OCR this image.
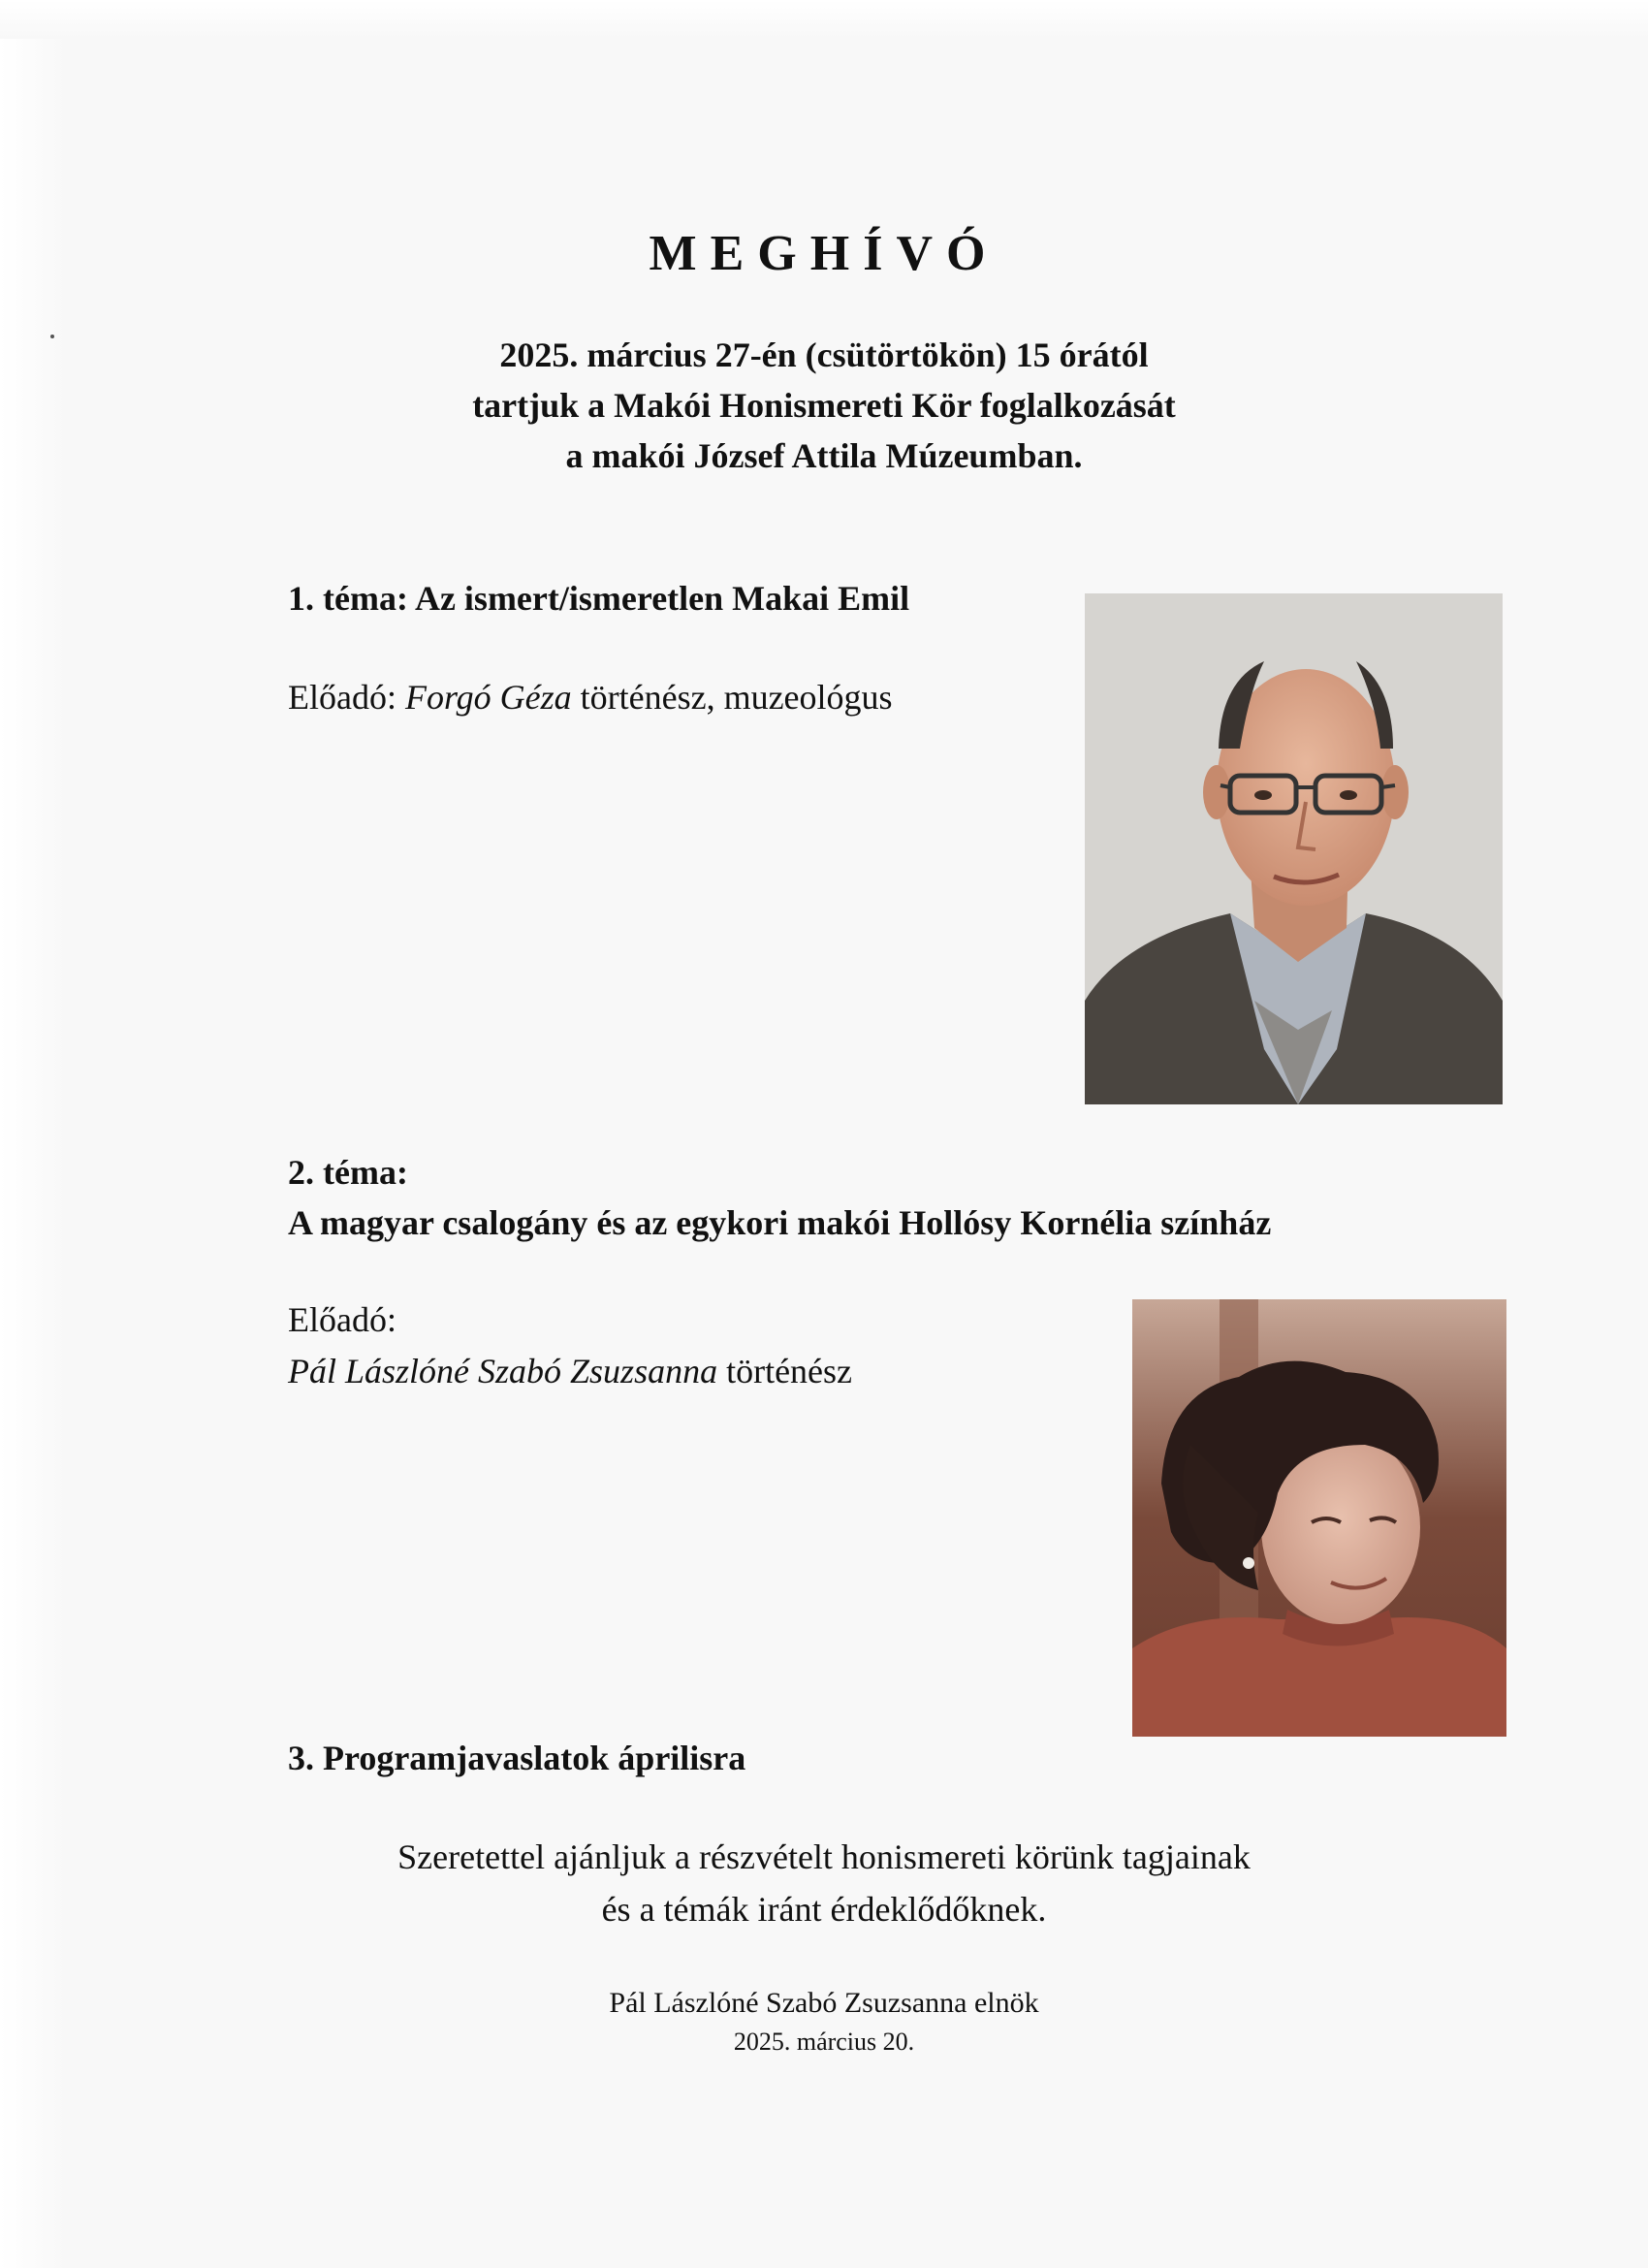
MEGHÍVÓ
2025. március 27-én (csütörtökön) 15 órától
tartjuk a Makói Honismereti Kör foglalkozását
a makói József Attila Múzeumban.
1. téma: Az ismert/ismeretlen Makai Emil
Előadó: Forgó Géza történész, muzeológus
2. téma:
A magyar csalogány és az egykori makói Hollósy Kornélia színház
Előadó:
Pál Lászlóné Szabó Zsuzsanna történész
3. Programjavaslatok áprilisra
Szeretettel ajánljuk a részvételt honismereti körünk tagjainak
és a témák iránt érdeklődőknek.
Pál Lászlóné Szabó Zsuzsanna elnök
2025. március 20.
